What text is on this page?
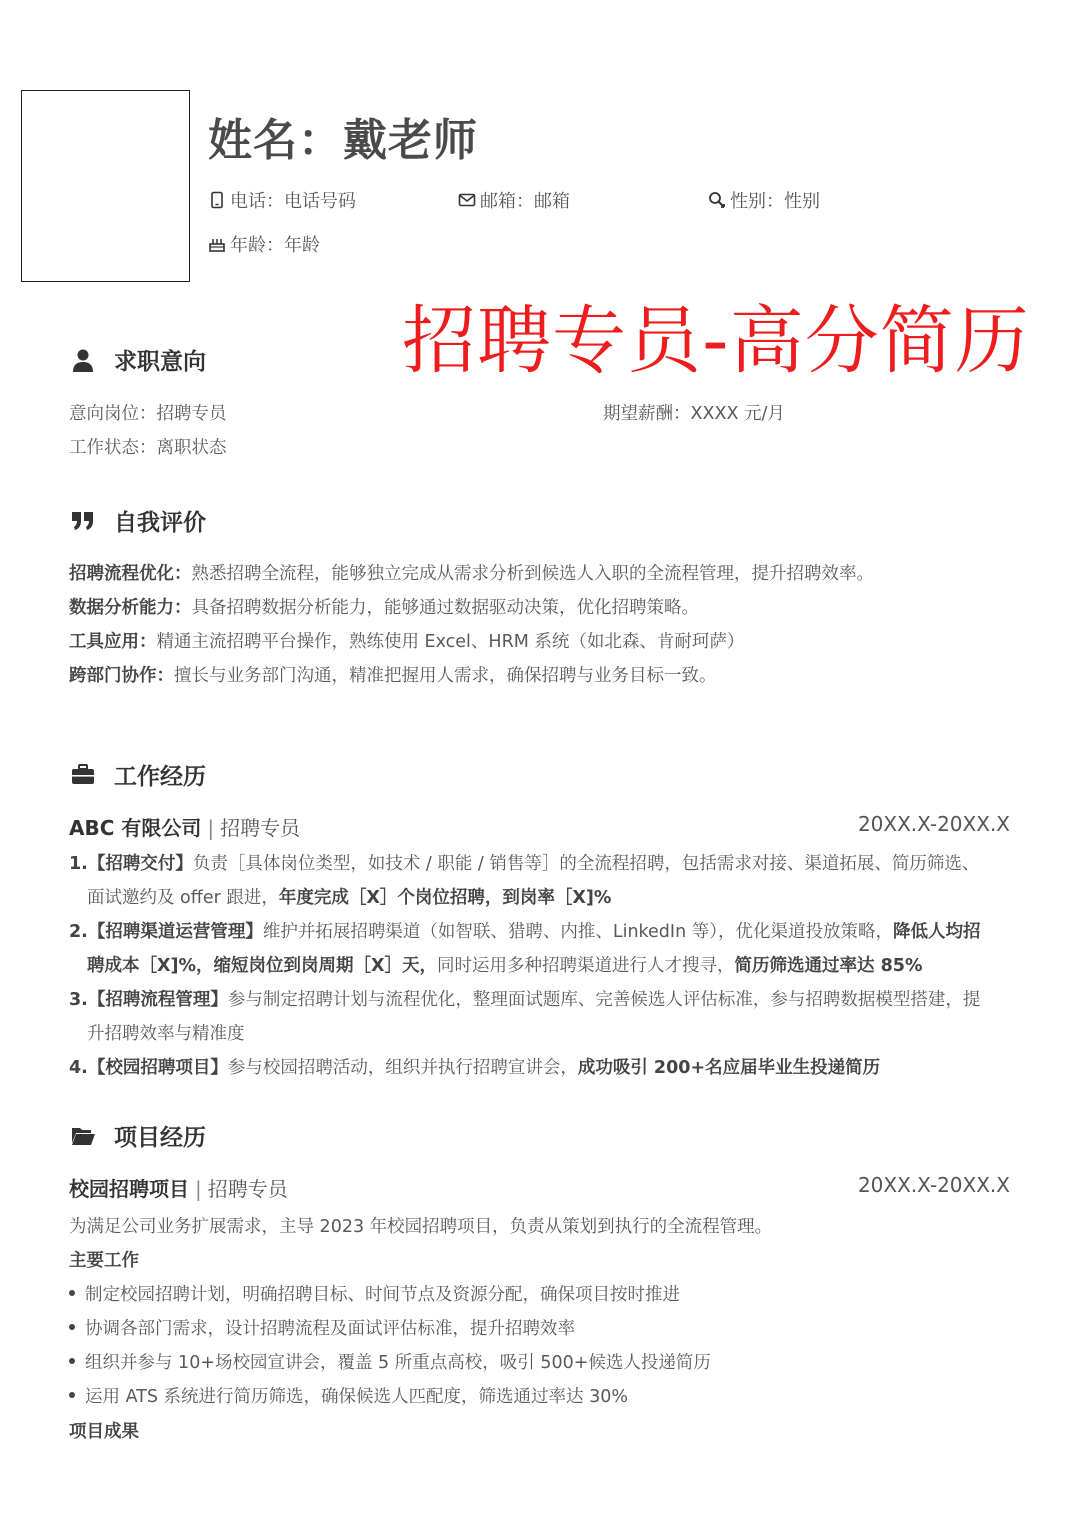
姓名：戴老师
电话：电话号码	邮箱：邮箱	性别：性别
年龄：年龄
招聘专员-高分简历
求职意向
意向岗位：招聘专员	期望薪酬：XXXX 元/月
工作状态：离职状态
自我评价
招聘流程优化：熟悉招聘全流程，能够独立完成从需求分析到候选人入职的全流程管理，提升招聘效率。
数据分析能力：具备招聘数据分析能力，能够通过数据驱动决策，优化招聘策略。
工具应用：精通主流招聘平台操作，熟练使用 Excel、HRM 系统（如北森、肯耐珂萨）
跨部门协作：擅长与业务部门沟通，精准把握用人需求，确保招聘与业务目标一致。
工作经历
ABC 有限公司 | 招聘专员	20XX.X-20XX.X
1.【招聘交付】负责［具体岗位类型，如技术 / 职能 / 销售等］的全流程招聘，包括需求对接、渠道拓展、简历筛选、
面试邀约及 offer 跟进，年度完成［X］个岗位招聘，到岗率［X]%
2.【招聘渠道运营管理】维护并拓展招聘渠道（如智联、猎聘、内推、LinkedIn 等），优化渠道投放策略，降低人均招
聘成本［X]%，缩短岗位到岗周期［X］天，同时运用多种招聘渠道进行人才搜寻，简历筛选通过率达 85%
3.【招聘流程管理】参与制定招聘计划与流程优化，整理面试题库、完善候选人评估标准，参与招聘数据模型搭建，提
升招聘效率与精准度
4.【校园招聘项目】参与校园招聘活动，组织并执行招聘宣讲会，成功吸引 200+名应届毕业生投递简历
项目经历
校园招聘项目 | 招聘专员	20XX.X-20XX.X
为满足公司业务扩展需求，主导 2023 年校园招聘项目，负责从策划到执行的全流程管理。
主要工作
制定校园招聘计划，明确招聘目标、时间节点及资源分配，确保项目按时推进
协调各部门需求，设计招聘流程及面试评估标准，提升招聘效率
组织并参与 10+场校园宣讲会，覆盖 5 所重点高校，吸引 500+候选人投递简历
运用 ATS 系统进行简历筛选，确保候选人匹配度，筛选通过率达 30%
项目成果
